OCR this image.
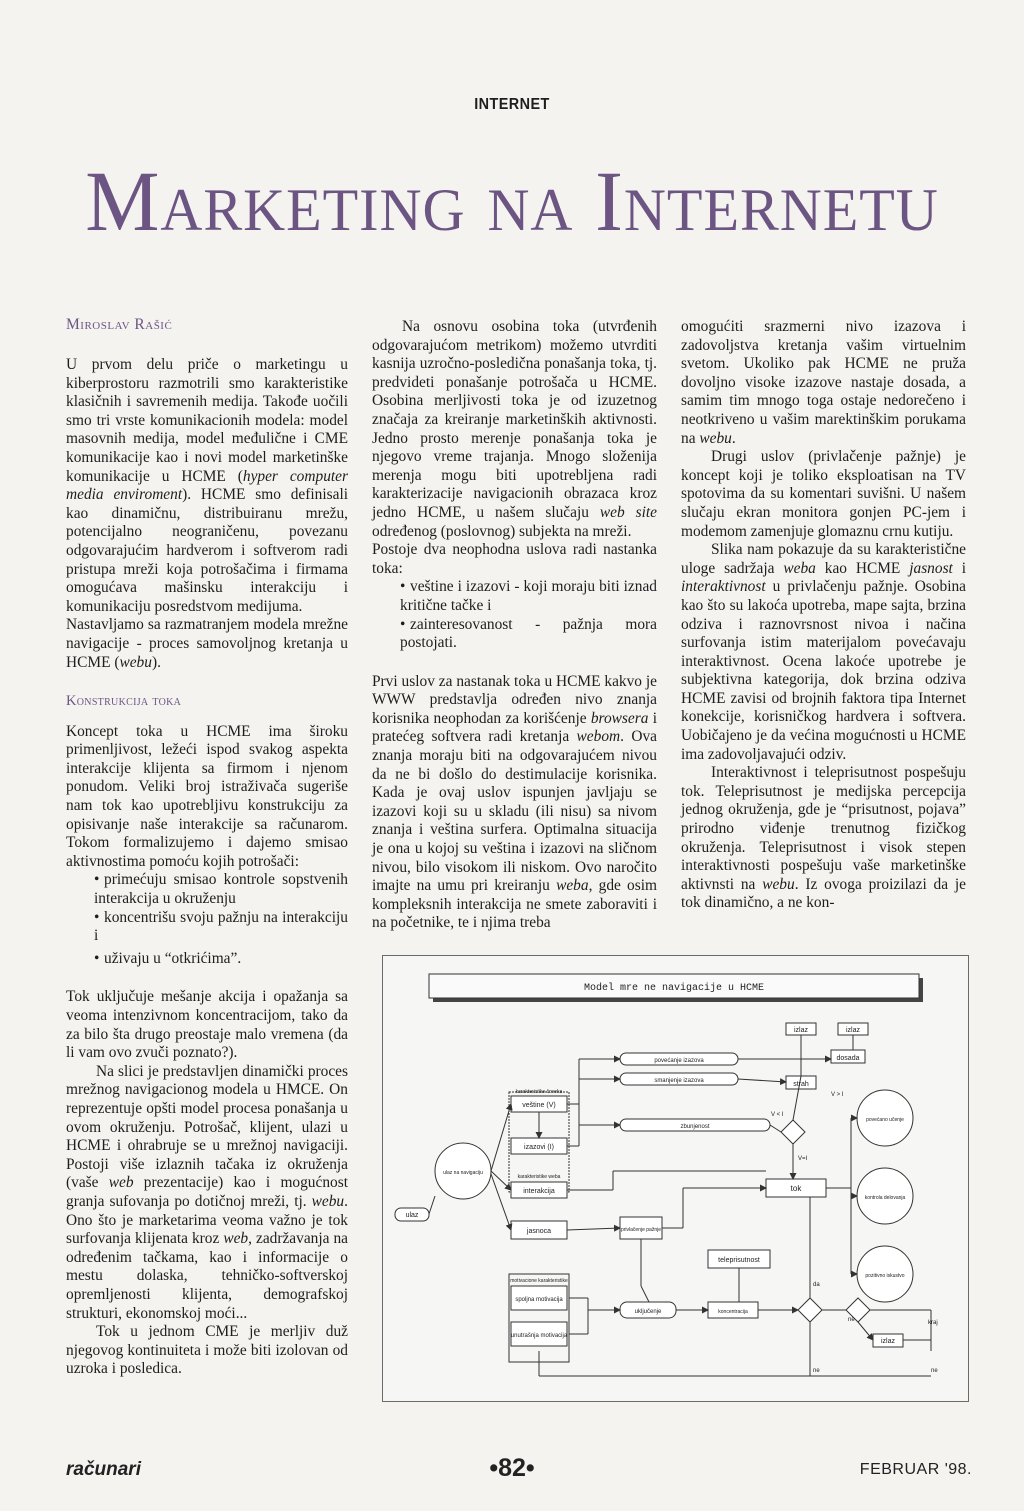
INTERNET
Marketing na Internetu
Miroslav Rašić

U prvom delu priče o marketingu u kiberprostoru razmotrili smo karakteristike klasičnih i savremenih medija. Takođe uočili smo tri vrste komunikacionih modela: model masovnih medija, model međulične i CME komunikacije kao i novi model marketinške komunikacije u HCME (hyper computer media enviroment). HCME smo definisali kao dinamičnu, distribuiranu mrežu, potencijalno neograničenu, povezanu odgovarajućim hardverom i softverom radi pristupa mreži koja potrošačima i firmama omogućava mašinsku interakciju i komunikaciju posredstvom medijuma.

Nastavljamo sa razmatranjem modela mrežne navigacije - proces samovoljnog kretanja u HCME (webu).

Konstrukcija toka

Koncept toka u HCME ima široku primenljivost, ležeći ispod svakog aspekta interakcije klijenta sa firmom i njenom ponudom. Veliki broj istraživača sugeriše nam tok kao upotrebljivu konstrukciju za opisivanje naše interakcije sa računarom. Tokom formalizujemo i dajemo smisao aktivnostima pomoću kojih potrošači:

• primećuju smisao kontrole sopstvenih interakcija u okruženju

• koncentrišu svoju pažnju na interakciju i

• uživaju u “otkrićima”.

Tok uključuje mešanje akcija i opažanja sa veoma intenzivnom koncentracijom, tako da za bilo šta drugo preostaje malo vremena (da li vam ovo zvuči poznato?).

Na slici je predstavljen dinamički proces mrežnog navigacionog modela u HMCE. On reprezentuje opšti model procesa ponašanja u ovom okruženju. Potrošač, klijent, ulazi u HCME i ohrabruje se u mrežnoj navigaciji. Postoji više izlaznih tačaka iz okruženja (vaše web prezentacije) kao i mogućnost granja sufovanja po dotičnoj mreži, tj. webu. Ono što je marketarima veoma važno je tok surfovanja klijenata kroz web, zadržavanja na određenim tačkama, kao i informacije o mestu dolaska, tehničko-softverskoj opremljenosti klijenta, demografskoj strukturi, ekonomskoj moći...

Tok u jednom CME je merljiv duž njegovog kontinuiteta i može biti izolovan od uzroka i posledica.

Na osnovu osobina toka (utvrđenih odgovarajućom metrikom) možemo utvrditi kasnija uzročno-posledična ponašanja toka, tj. predvideti ponašanje potrošača u HCME. Osobina merljivosti toka je od izuzetnog značaja za kreiranje marketinških aktivnosti. Jedno prosto merenje ponašanja toka je njegovo vreme trajanja. Mnogo složenija merenja mogu biti upotrebljena radi karakterizacije navigacionih obrazaca kroz jedno HCME, u našem slučaju web site određenog (poslovnog) subjekta na mreži.

Postoje dva neophodna uslova radi nastanka toka:

• veštine i izazovi - koji moraju biti iznad kritične tačke i

• zainteresovanost - pažnja mora postojati.

Prvi uslov za nastanak toka u HCME kakvo je WWW predstavlja određen nivo znanja korisnika neophodan za korišćenje browsera i pratećeg softvera radi kretanja webom. Ova znanja moraju biti na odgovarajućem nivou da ne bi došlo do destimulacije korisnika. Kada je ovaj uslov ispunjen javljaju se izazovi koji su u skladu (ili nisu) sa nivom znanja i veština surfera. Optimalna situacija je ona u kojoj su veština i izazovi na sličnom nivou, bilo visokom ili niskom. Ovo naročito imajte na umu pri kreiranju weba, gde osim kompleksnih interakcija ne smete zaboraviti i na početnike, te i njima treba

omogućiti srazmerni nivo izazova i zadovoljstva kretanja vašim virtuelnim svetom. Ukoliko pak HCME ne pruža dovoljno visoke izazove nastaje dosada, a samim tim mnogo toga ostaje nedorečeno i neotkriveno u vašim marektinškim porukama na webu.

Drugi uslov (privlačenje pažnje) je koncept koji je toliko eksploatisan na TV spotovima da su komentari suvišni. U našem slučaju ekran monitora gonjen PC-jem i modemom zamenjuje glomaznu crnu kutiju.

Slika nam pokazuje da su karakteristične uloge sadržaja weba kao HCME jasnost i interaktivnost u privlačenju pažnje. Osobina kao što su lakoća upotreba, mape sajta, brzina odziva i raznovrsnost nivoa i načina surfovanja istim materijalom povećavaju interaktivnost. Ocena lakoće upotrebe je subjektivna kategorija, dok brzina odziva HCME zavisi od brojnih faktora tipa Internet konekcije, korisničkog hardvera i softvera. Uobičajeno je da većina mogućnosti u HCME ima zadovoljavajući odziv.

Interaktivnost i teleprisutnost pospešuju tok. Teleprisutnost je medijska percepcija jednog okruženja, gde je “prisutnost, pojava” prirodno viđenje trenutnog fizičkog okruženja. Teleprisutnost i visok stepen interaktivnosti pospešuju vaše marketinške aktivnsti na webu. Iz ovoga proizilazi da je tok dinamično, a ne kon-

Model mre ne navigacije u HCME
izlaz	izlaz
povećanje izazova
smanjenje izazova
dosada
strah
karakteristike čoveka
veštine (V)
izazovi (I)
zbunjenost
karakteristike weba
interakcija
jasnoca
ulaz
ulaz na navigaciju
privlačenje pažnje
tok
teleprisutnost
motivacione karakteristike
spoljna motivacija
unutrašnja motivacija
uključenje	koncentracija
povećano učenje
kontrola delovanja
pozitivno iskustvo
izlaz
V > I
V < I
V=I
da
ne
ne	ne
kraj
računari	•82•	FEBRUAR '98.
